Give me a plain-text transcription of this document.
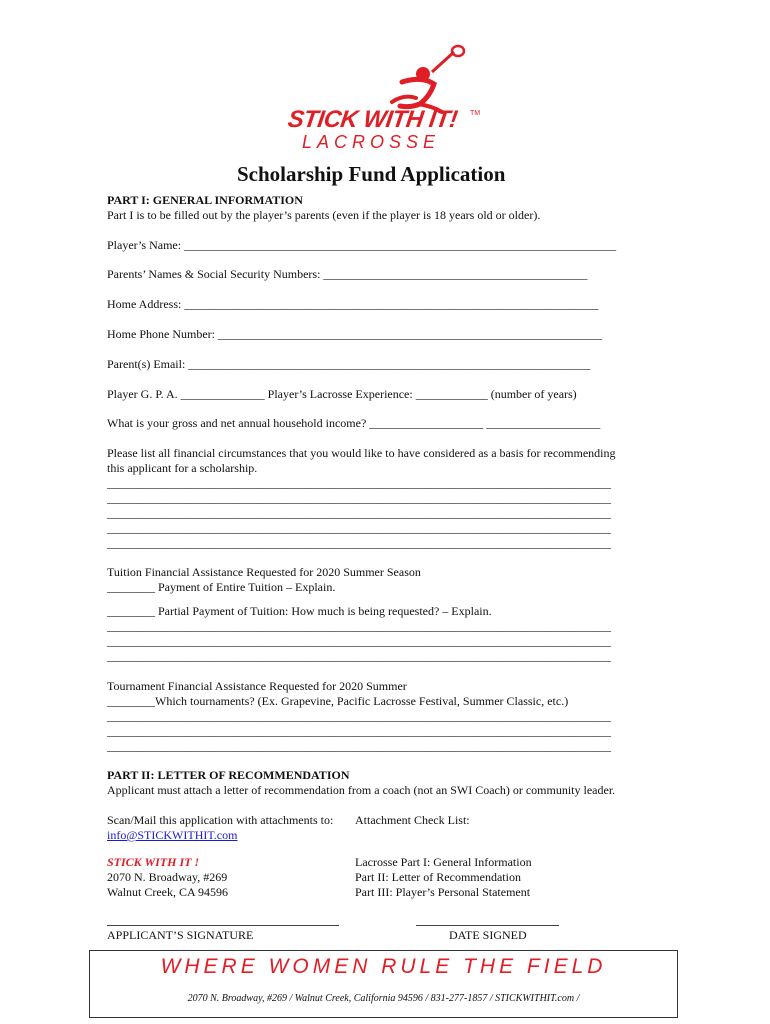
STICK WITH IT! TM
LACROSSE
Scholarship Fund Application
PART I: GENERAL INFORMATION
Part I is to be filled out by the player’s parents (even if the player is 18 years old or older).
Player’s Name: ________________________________________________________________________
Parents’ Names & Social Security Numbers: ____________________________________________
Home Address: _____________________________________________________________________
Home Phone Number: ________________________________________________________________
Parent(s) Email: ___________________________________________________________________
Player G. P. A. ______________ Player’s Lacrosse Experience: ____________ (number of years)
What is your gross and net annual household income? ___________________ ___________________
Please list all financial circumstances that you would like to have considered as a basis for recommending
this applicant for a scholarship.
____________________________________________________________________________________
____________________________________________________________________________________
____________________________________________________________________________________
____________________________________________________________________________________
____________________________________________________________________________________
Tuition Financial Assistance Requested for 2020 Summer Season
________ Payment of Entire Tuition – Explain.
________ Partial Payment of Tuition: How much is being requested? – Explain.
____________________________________________________________________________________
____________________________________________________________________________________
____________________________________________________________________________________
Tournament Financial Assistance Requested for 2020 Summer
________Which tournaments? (Ex. Grapevine, Pacific Lacrosse Festival, Summer Classic, etc.)
____________________________________________________________________________________
____________________________________________________________________________________
____________________________________________________________________________________
PART II: LETTER OF RECOMMENDATION
Applicant must attach a letter of recommendation from a coach (not an SWI Coach) or community leader.
Scan/Mail this application with attachments to:
info@STICKWITHIT.com
STICK WITH IT !
2070 N. Broadway, #269
Walnut Creek, CA 94596
Attachment Check List:
Lacrosse Part I: General Information
Part II: Letter of Recommendation
Part III: Player’s Personal Statement
APPLICANT’S SIGNATURE	DATE SIGNED
WHERE WOMEN RULE THE FIELD
2070 N. Broadway, #269 / Walnut Creek, California 94596 / 831-277-1857 / STICKWITHIT.com /
